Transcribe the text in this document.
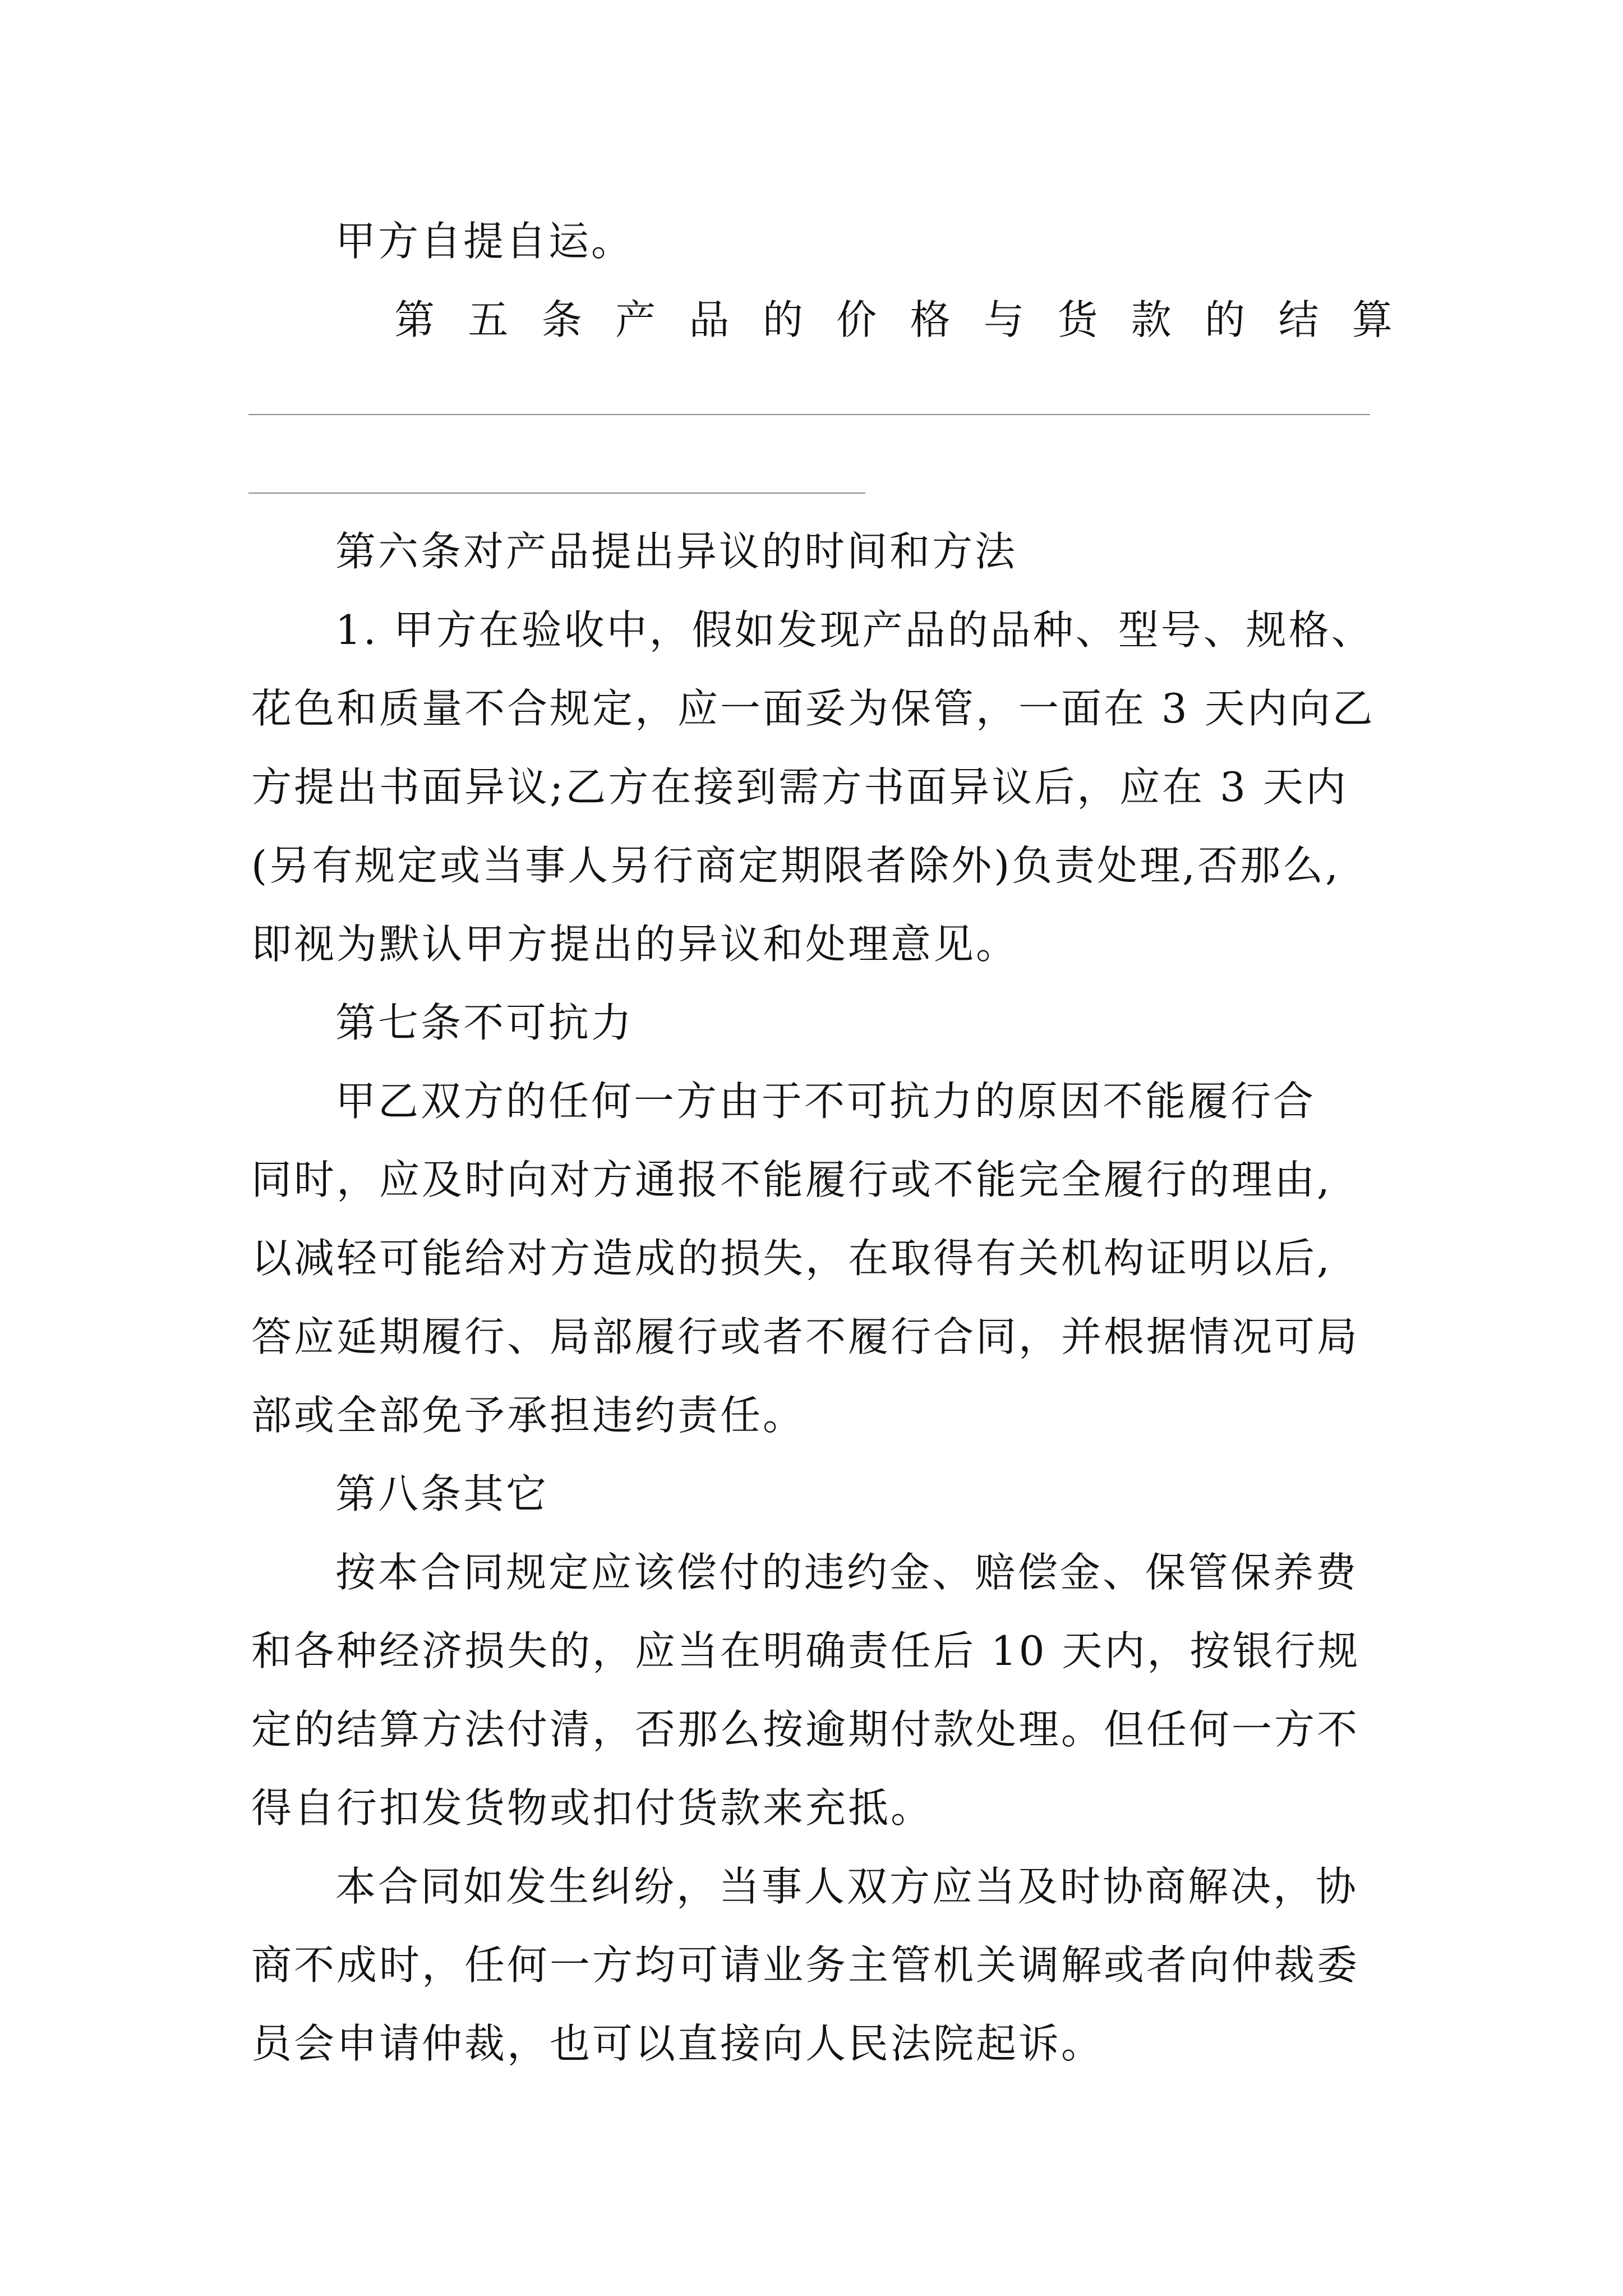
甲方自提自运。
第 五 条 产 品 的 价 格 与 货 款 的 结 算
第六条对产品提出异议的时间和方法
1. 甲方在验收中，假如发现产品的品种、型号、规格、
花色和质量不合规定，应一面妥为保管，一面在 3 天内向乙
方提出书面异议;乙方在接到需方书面异议后，应在 3 天内
(另有规定或当事人另行商定期限者除外)负责处理,否那么,
即视为默认甲方提出的异议和处理意见。
第七条不可抗力
甲乙双方的任何一方由于不可抗力的原因不能履行合
同时，应及时向对方通报不能履行或不能完全履行的理由,
以减轻可能给对方造成的损失，在取得有关机构证明以后,
答应延期履行、局部履行或者不履行合同，并根据情况可局
部或全部免予承担违约责任。
第八条其它
按本合同规定应该偿付的违约金、赔偿金、保管保养费
和各种经济损失的，应当在明确责任后 10 天内，按银行规
定的结算方法付清，否那么按逾期付款处理。但任何一方不
得自行扣发货物或扣付货款来充抵。
本合同如发生纠纷，当事人双方应当及时协商解决，协
商不成时，任何一方均可请业务主管机关调解或者向仲裁委
员会申请仲裁，也可以直接向人民法院起诉。
